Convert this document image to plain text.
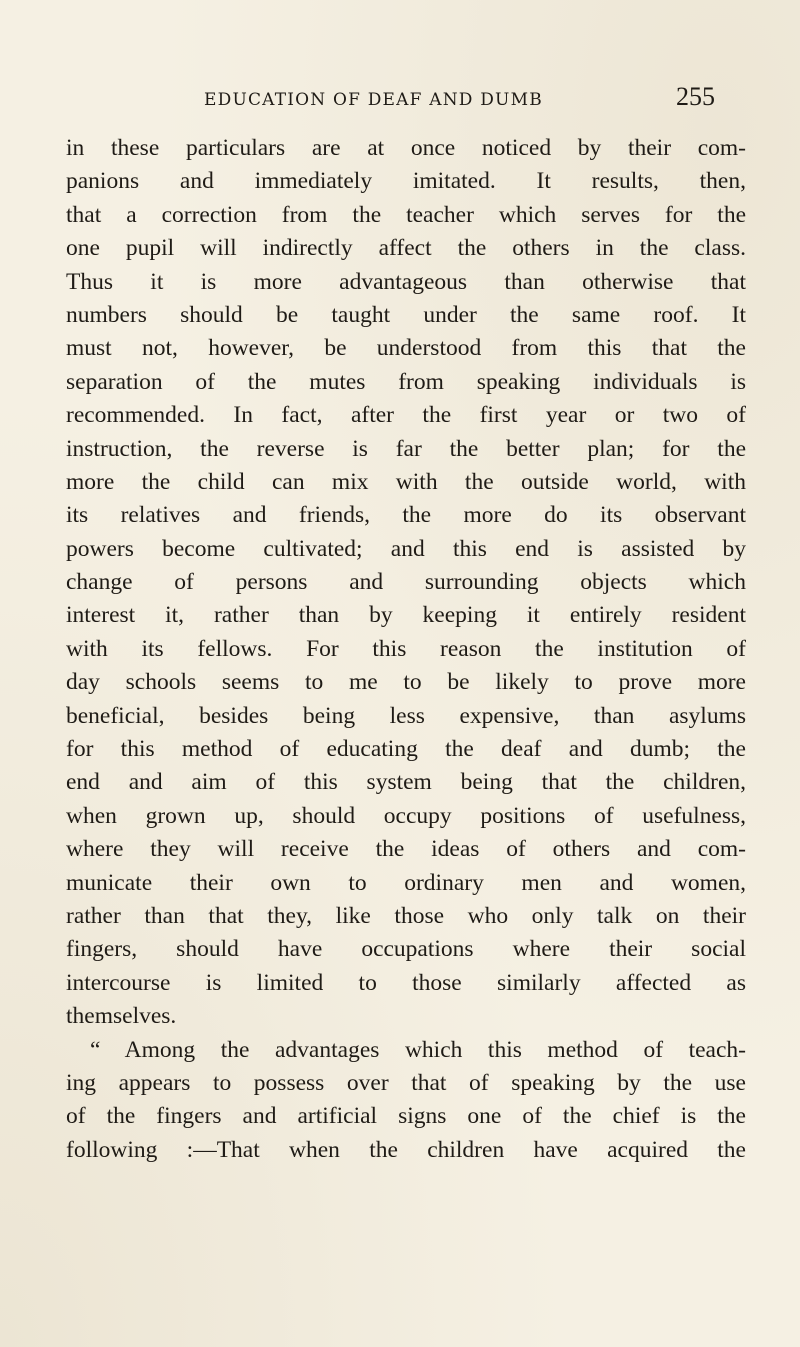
EDUCATION OF DEAF AND DUMB	255
in these particulars are at once noticed by their com-
panions and immediately imitated. It results, then,
that a correction from the teacher which serves for the
one pupil will indirectly affect the others in the class.
Thus it is more advantageous than otherwise that
numbers should be taught under the same roof. It
must not, however, be understood from this that the
separation of the mutes from speaking individuals is
recommended. In fact, after the first year or two of
instruction, the reverse is far the better plan; for the
more the child can mix with the outside world, with
its relatives and friends, the more do its observant
powers become cultivated; and this end is assisted by
change of persons and surrounding objects which
interest it, rather than by keeping it entirely resident
with its fellows. For this reason the institution of
day schools seems to me to be likely to prove more
beneficial, besides being less expensive, than asylums
for this method of educating the deaf and dumb; the
end and aim of this system being that the children,
when grown up, should occupy positions of usefulness,
where they will receive the ideas of others and com-
municate their own to ordinary men and women,
rather than that they, like those who only talk on their
fingers, should have occupations where their social
intercourse is limited to those similarly affected as
themselves.
“ Among the advantages which this method of teach-
ing appears to possess over that of speaking by the use
of the fingers and artificial signs one of the chief is the
following :—That when the children have acquired the
